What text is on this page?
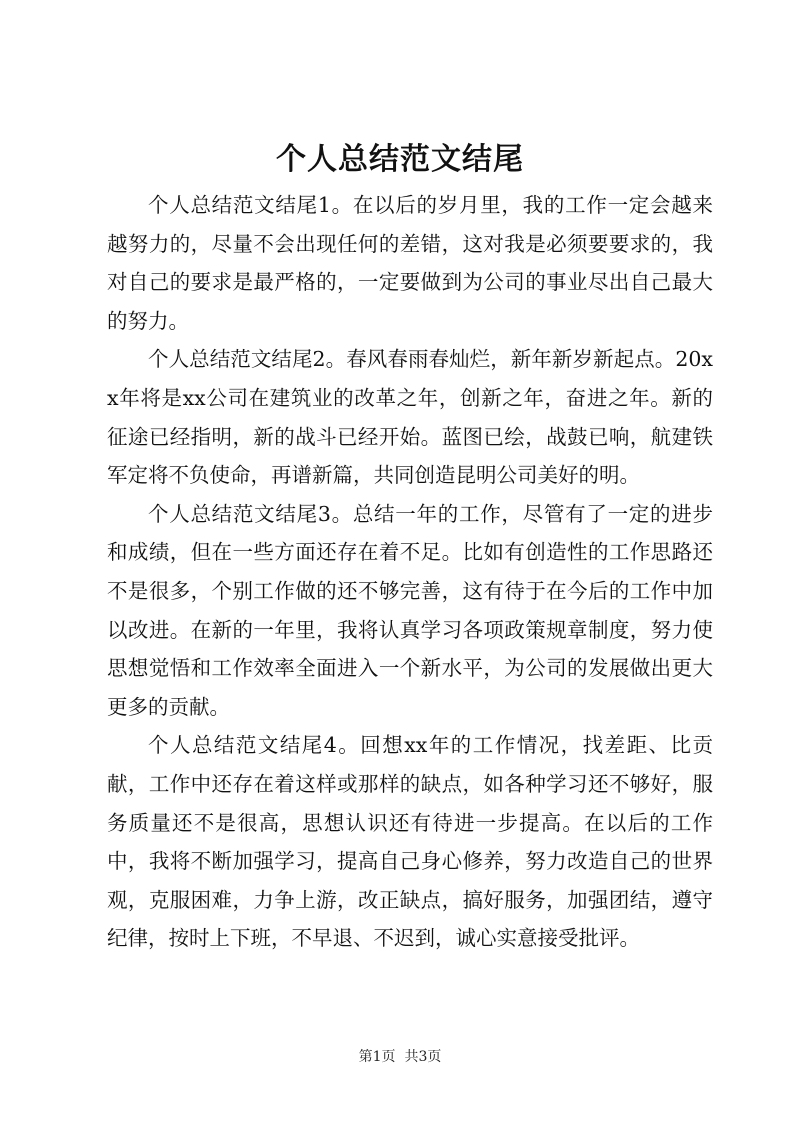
个人总结范文结尾

个人总结范文结尾1。在以后的岁月里，我的工作一定会越来越努力的，尽量不会出现任何的差错，这对我是必须要要求的，我对自己的要求是最严格的，一定要做到为公司的事业尽出自己最大的努力。

个人总结范文结尾2。春风春雨春灿烂，新年新岁新起点。20xx年将是xx公司在建筑业的改革之年，创新之年，奋进之年。新的征途已经指明，新的战斗已经开始。蓝图已绘，战鼓已响，航建铁军定将不负使命，再谱新篇，共同创造昆明公司美好的明。

个人总结范文结尾3。总结一年的工作，尽管有了一定的进步和成绩，但在一些方面还存在着不足。比如有创造性的工作思路还不是很多，个别工作做的还不够完善，这有待于在今后的工作中加以改进。在新的一年里，我将认真学习各项政策规章制度，努力使思想觉悟和工作效率全面进入一个新水平，为公司的发展做出更大更多的贡献。

个人总结范文结尾4。回想xx年的工作情况，找差距、比贡献，工作中还存在着这样或那样的缺点，如各种学习还不够好，服务质量还不是很高，思想认识还有待进一步提高。在以后的工作中，我将不断加强学习，提高自己身心修养，努力改造自己的世界观，克服困难，力争上游，改正缺点，搞好服务，加强团结，遵守纪律，按时上下班，不早退、不迟到，诚心实意接受批评。

第1页  共3页
